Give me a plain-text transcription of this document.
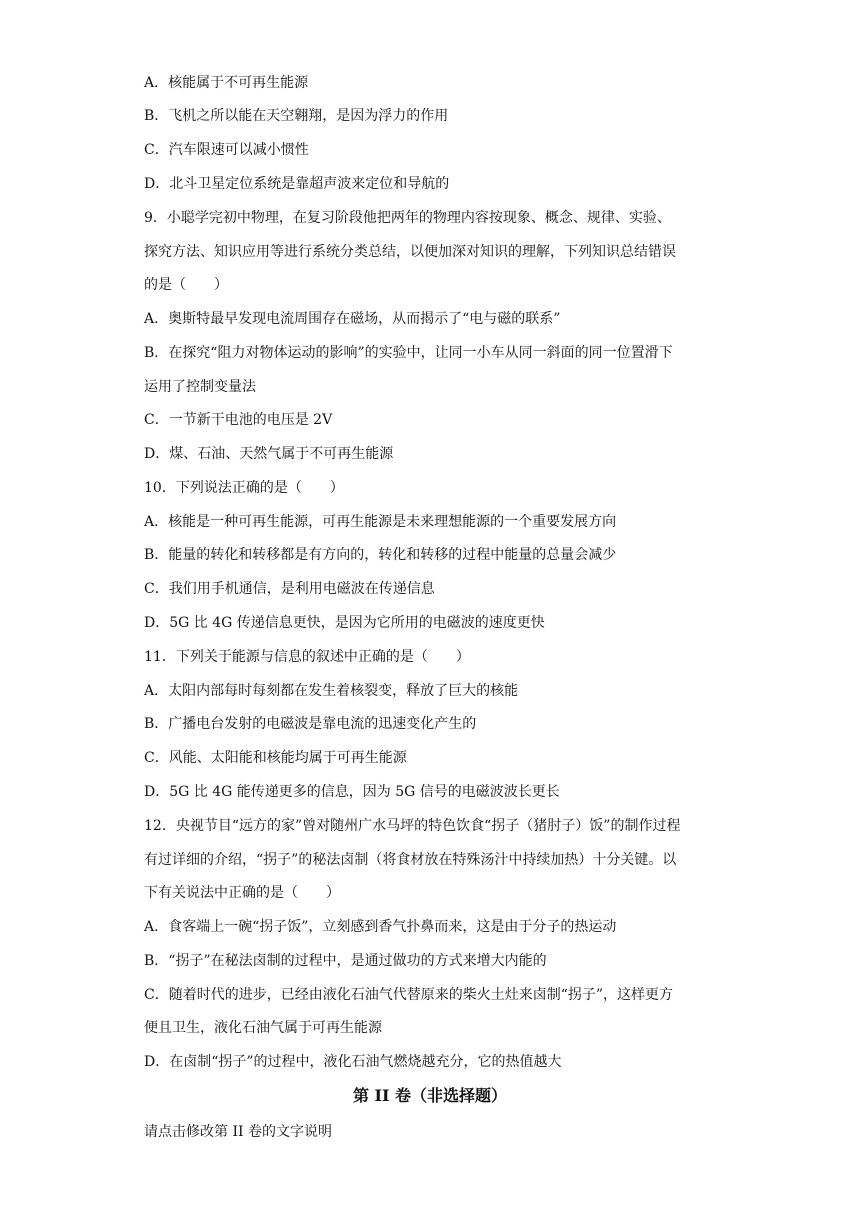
A．核能属于不可再生能源
B．飞机之所以能在天空翱翔，是因为浮力的作用
C．汽车限速可以减小惯性
D．北斗卫星定位系统是靠超声波来定位和导航的
9．小聪学完初中物理，在复习阶段他把两年的物理内容按现象、概念、规律、实验、
探究方法、知识应用等进行系统分类总结，以便加深对知识的理解，下列知识总结错误
的是（　　）
A．奥斯特最早发现电流周围存在磁场，从而揭示了“电与磁的联系”
B．在探究“阻力对物体运动的影响”的实验中，让同一小车从同一斜面的同一位置滑下
运用了控制变量法
C．一节新干电池的电压是 2V
D．煤、石油、天然气属于不可再生能源
10．下列说法正确的是（　　）
A．核能是一种可再生能源，可再生能源是未来理想能源的一个重要发展方向
B．能量的转化和转移都是有方向的，转化和转移的过程中能量的总量会减少
C．我们用手机通信，是利用电磁波在传递信息
D．5G 比 4G 传递信息更快，是因为它所用的电磁波的速度更快
11．下列关于能源与信息的叙述中正确的是（　　）
A．太阳内部每时每刻都在发生着核裂变，释放了巨大的核能
B．广播电台发射的电磁波是靠电流的迅速变化产生的
C．风能、太阳能和核能均属于可再生能源
D．5G 比 4G 能传递更多的信息，因为 5G 信号的电磁波波长更长
12．央视节目“远方的家”曾对随州广水马坪的特色饮食“拐子（猪肘子）饭”的制作过程
有过详细的介绍，“拐子”的秘法卤制（将食材放在特殊汤汁中持续加热）十分关键。以
下有关说法中正确的是（　　）
A．食客端上一碗“拐子饭”，立刻感到香气扑鼻而来，这是由于分子的热运动
B．“拐子”在秘法卤制的过程中，是通过做功的方式来增大内能的
C．随着时代的进步，已经由液化石油气代替原来的柴火土灶来卤制“拐子”，这样更方
便且卫生，液化石油气属于可再生能源
D．在卤制“拐子”的过程中，液化石油气燃烧越充分，它的热值越大
第 II 卷（非选择题）
请点击修改第 II 卷的文字说明
